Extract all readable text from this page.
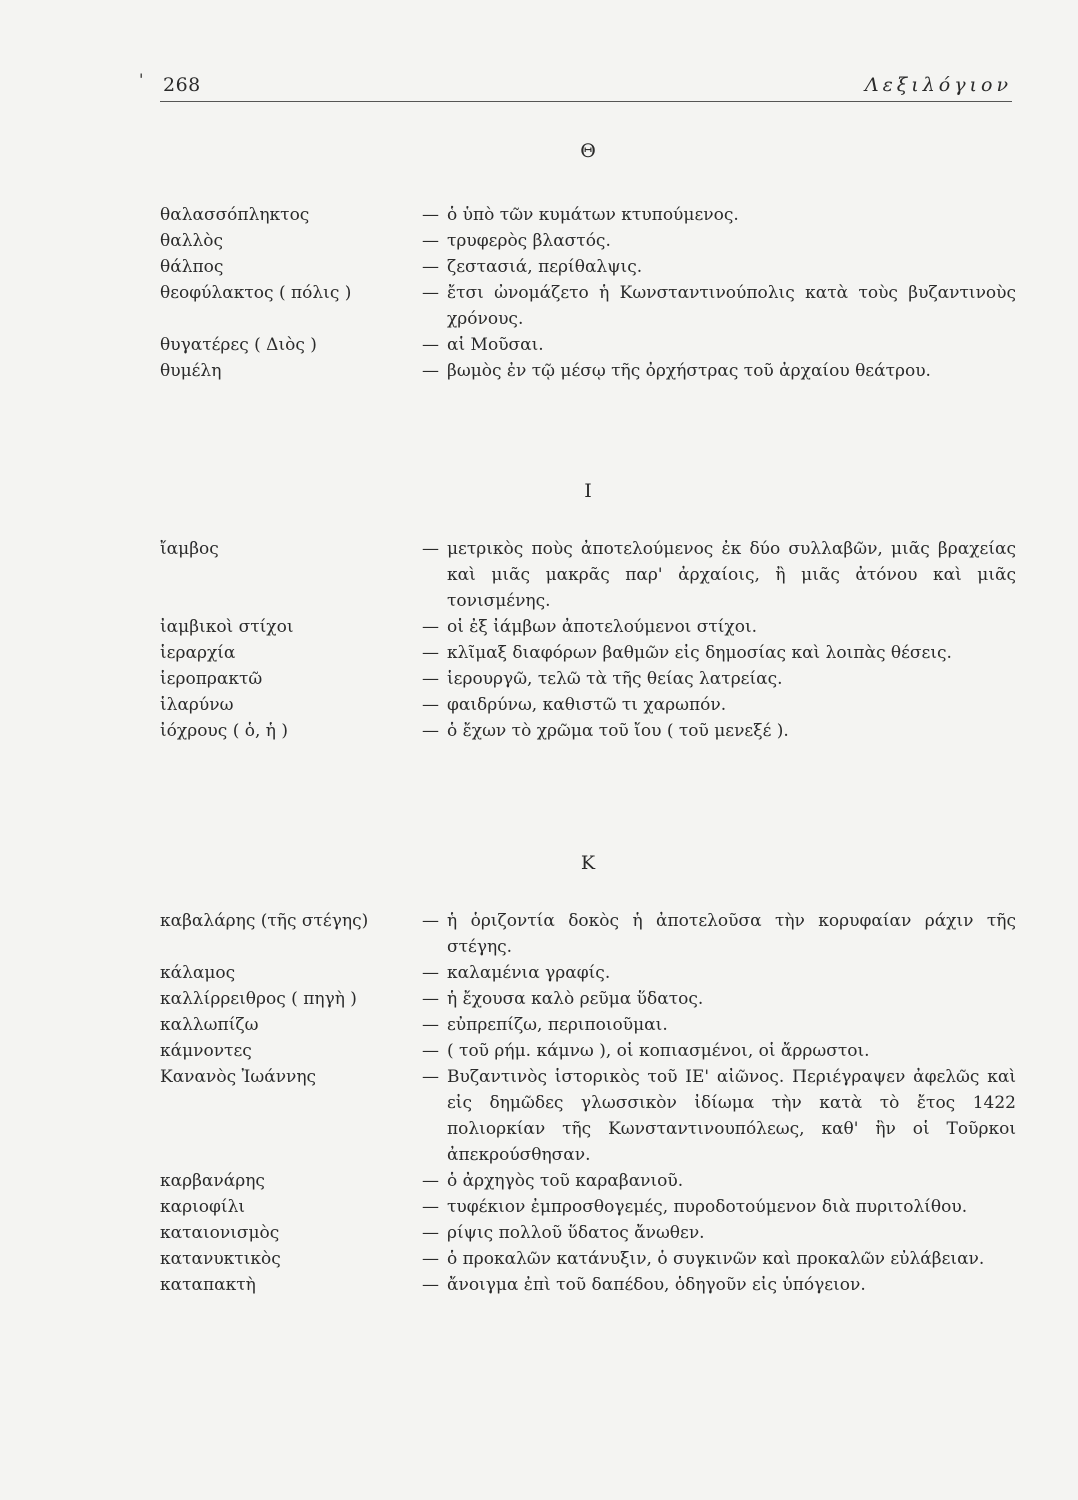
' 268	Λεξιλόγιον
Θ
θαλασσόπληκτος	— ὁ ὑπὸ τῶν κυμάτων κτυπούμενος.
θαλλὸς	— τρυφερὸς βλαστός.
θάλπος	— ζεστασιά, περίθαλψις.
θεοφύλακτος ( πόλις )	— ἔτσι ὠνομάζετο ἡ Κωνσταντινούπολις κατὰ τοὺς βυζαντινοὺς χρόνους.
θυγατέρες ( Διὸς )	— αἱ Μοῦσαι.
θυμέλη	— βωμὸς ἐν τῷ μέσῳ τῆς ὀρχήστρας τοῦ ἀρχαίου θεάτρου.
Ι
ἴαμβος	— μετρικὸς ποὺς ἀποτελούμενος ἐκ δύο συλλαβῶν, μιᾶς βραχείας καὶ μιᾶς μακρᾶς παρ' ἀρχαίοις, ἢ μιᾶς ἀτόνου καὶ μιᾶς τονισμένης.
ἰαμβικοὶ στίχοι	— οἱ ἐξ ἰάμβων ἀποτελούμενοι στίχοι.
ἱεραρχία	— κλῖμαξ διαφόρων βαθμῶν εἰς δημοσίας καὶ λοιπὰς θέσεις.
ἱεροπρακτῶ	— ἱερουργῶ, τελῶ τὰ τῆς θείας λατρείας.
ἱλαρύνω	— φαιδρύνω, καθιστῶ τι χαρωπόν.
ἰόχρους ( ὁ, ἡ )	— ὁ ἔχων τὸ χρῶμα τοῦ ἴου ( τοῦ μενεξέ ).
Κ
καβαλάρης (τῆς στέγης)	— ἡ ὁριζοντία δοκὸς ἡ ἀποτελοῦσα τὴν κορυφαίαν ράχιν τῆς στέγης.
κάλαμος	— καλαμένια γραφίς.
καλλίρρειθρος ( πηγὴ )	— ἡ ἔχουσα καλὸ ρεῦμα ὕδατος.
καλλωπίζω	— εὐπρεπίζω, περιποιοῦμαι.
κάμνοντες	— ( τοῦ ρήμ. κάμνω ), οἱ κοπιασμένοι, οἱ ἄρρωστοι.
Κανανὸς Ἰωάννης	— Βυζαντινὸς ἱστορικὸς τοῦ ΙΕ' αἰῶνος. Περιέγραψεν ἀφελῶς καὶ εἰς δημῶδες γλωσσικὸν ἰδίωμα τὴν κατὰ τὸ ἔτος 1422 πολιορκίαν τῆς Κωνσταντινουπόλεως, καθ' ἣν οἱ Τοῦρκοι ἀπεκρούσθησαν.
καρβανάρης	— ὁ ἀρχηγὸς τοῦ καραβανιοῦ.
καριοφίλι	— τυφέκιον ἐμπροσθογεμές, πυροδοτούμενον διὰ πυριτολίθου.
καταιονισμὸς	— ρίψις πολλοῦ ὕδατος ἄνωθεν.
κατανυκτικὸς	— ὁ προκαλῶν κατάνυξιν, ὁ συγκινῶν καὶ προκαλῶν εὐλάβειαν.
καταπακτὴ	— ἄνοιγμα ἐπὶ τοῦ δαπέδου, ὁδηγοῦν εἰς ὑπόγειον.
